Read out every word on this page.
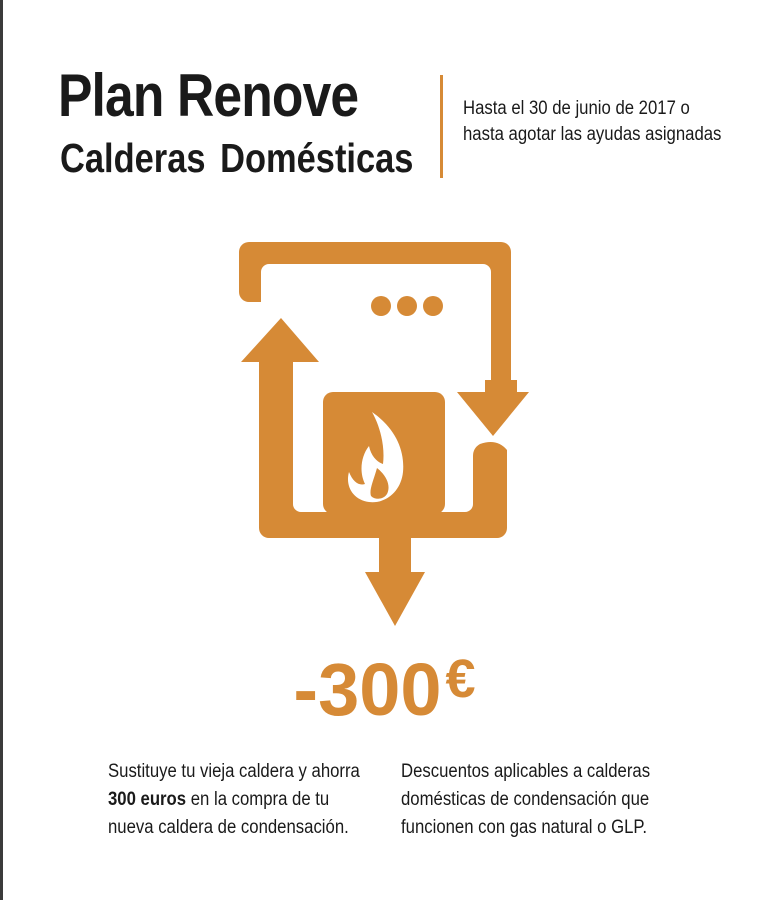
Plan Renove
Calderas Domésticas
Hasta el 30 de junio de 2017 o
hasta agotar las ayudas asignadas
-300€
Sustituye tu vieja caldera y ahorra
300 euros en la compra de tu
nueva caldera de condensación.
Descuentos aplicables a calderas
domésticas de condensación que
funcionen con gas natural o GLP.
